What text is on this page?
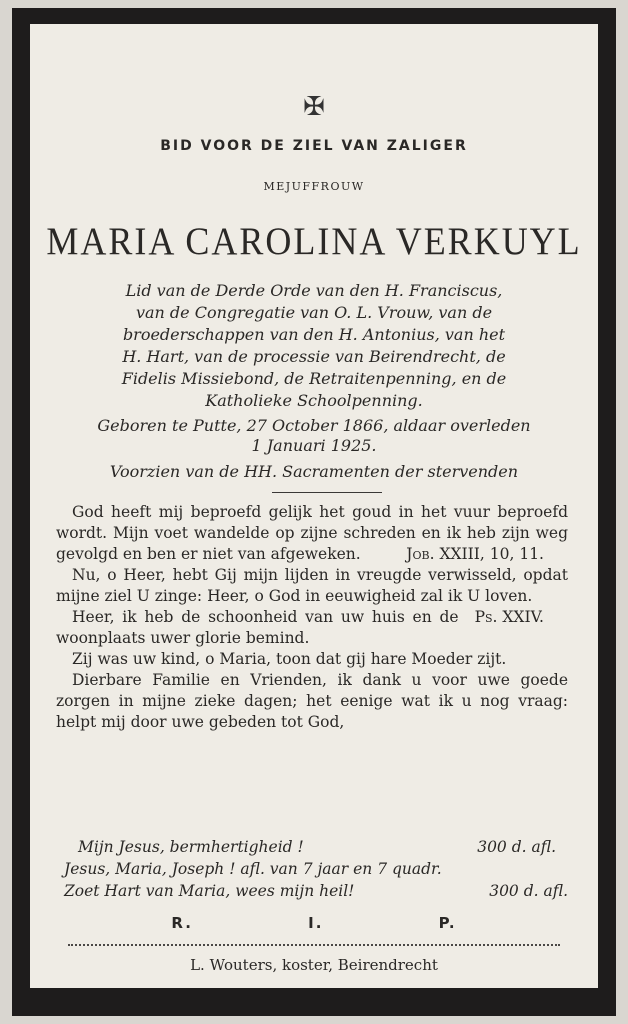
✠
BID VOOR DE ZIEL VAN ZALIGER
MEJUFFROUW
MARIA CAROLINA VERKUYL

Lid van de Derde Orde van den H. Franciscus,

van de Congregatie van O. L. Vrouw, van de

broederschappen van den H. Antonius, van het

H. Hart, van de processie van Beirendrecht, de

Fidelis Missiebond, de Retraitenpenning, en de

Katholieke Schoolpenning.

Geboren te Putte, 27 October 1866, aldaar overleden
1 Januari 1925.
Voorzien van de HH. Sacramenten der stervenden

God heeft mij beproefd gelijk het goud in het vuur beproefd wordt. Mijn voet wandelde op zijne schreden en ik heb zijn weg gevolgd en ben er niet van afgeweken.	Job. XXIII, 10, 11.

Nu, o Heer, hebt Gij mijn lijden in vreugde verwisseld, opdat mijne ziel U zinge: Heer, o God in eeuwigheid zal ik U loven.
Ps. XXIV.

Heer, ik heb de schoonheid van uw huis en de woonplaats uwer glorie bemind.

Zij was uw kind, o Maria, toon dat gij hare Moeder zijt.

Dierbare Familie en Vrienden, ik dank u voor uwe goede zorgen in mijne zieke dagen; het eenige wat ik u nog vraag: helpt mij door uwe gebeden tot God,

Mijn Jesus, bermhertigheid !	300 d. afl.
Jesus, Maria, Joseph ! afl. van 7 jaar en 7 quadr.
Zoet Hart van Maria, wees mijn heil!	300 d. afl.
R.	I.	P.
L. Wouters, koster, Beirendrecht
